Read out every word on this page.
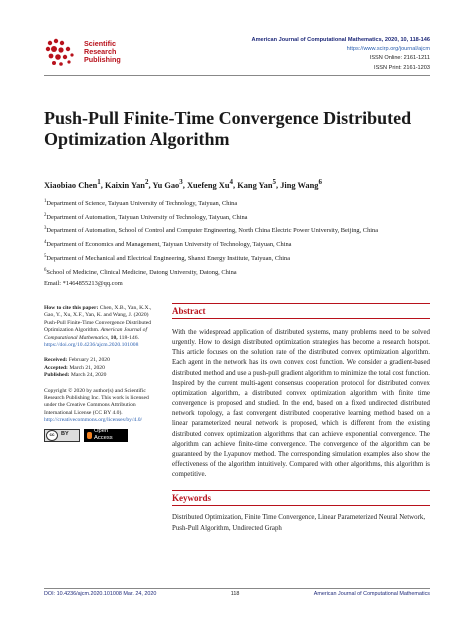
Scientific
Research
Publishing
American Journal of Computational Mathematics, 2020, 10, 118-146
https://www.scirp.org/journal/ajcm
ISSN Online: 2161-1211
ISSN Print: 2161-1203
Push-Pull Finite-Time Convergence Distributed Optimization Algorithm
Xiaobiao Chen$^1$, Kaixin Yan$^2$, Yu Gao$^3$, Xuefeng Xu$^4$, Kang Yan$^5$, Jing Wang$^6$
$^1$Department of Science, Taiyuan University of Technology, Taiyuan, China
$^2$Department of Automation, Taiyuan University of Technology, Taiyuan, China
$^3$Department of Automation, School of Control and Computer Engineering, North China Electric Power University, Beijing, China
$^4$Department of Economics and Management, Taiyuan University of Technology, Taiyuan, China
$^5$Department of Mechanical and Electrical Engineering, Shanxi Energy Institute, Taiyuan, China
$^6$School of Medicine, Clinical Medicine, Datong University, Datong, China
Email: *1464855213@qq.com
How to cite this paper: Chen, X.B., Yan, K.X., Gao, Y., Xu, X.F., Yan, K. and Wang, J. (2020) Push-Pull Finite-Time Convergence Distributed Optimization Algorithm. American Journal of Computational Mathematics, 10, 118-146. https://doi.org/10.4236/ajcm.2020.101008
Received: February 21, 2020
Accepted: March 21, 2020
Published: March 24, 2020
Copyright © 2020 by author(s) and Scientific Research Publishing Inc. This work is licensed under the Creative Commons Attribution International License (CC BY 4.0). http://creativecommons.org/licenses/by/4.0/
cc	BY
Open Access
Abstract
With the widespread application of distributed systems, many problems need to be solved urgently. How to design distributed optimization strategies has become a research hotspot. This article focuses on the solution rate of the distributed convex optimization algorithm. Each agent in the network has its own convex cost function. We consider a gradient-based distributed method and use a push-pull gradient algorithm to minimize the total cost function. Inspired by the current multi-agent consensus cooperation protocol for distributed convex optimization algorithm, a distributed convex optimization algorithm with finite time convergence is proposed and studied. In the end, based on a fixed undirected distributed network topology, a fast convergent distributed cooperative learning method based on a linear parameterized neural network is proposed, which is different from the existing distributed convex optimization algorithms that can achieve exponential convergence. The algorithm can achieve finite-time convergence. The convergence of the algorithm can be guaranteed by the Lyapunov method. The corresponding simulation examples also show the effectiveness of the algorithm intuitively. Compared with other algorithms, this algorithm is competitive.
Keywords
Distributed Optimization, Finite Time Convergence, Linear Parameterized Neural Network, Push-Pull Algorithm, Undirected Graph
DOI: 10.4236/ajcm.2020.101008 Mar. 24, 2020	118	American Journal of Computational Mathematics
